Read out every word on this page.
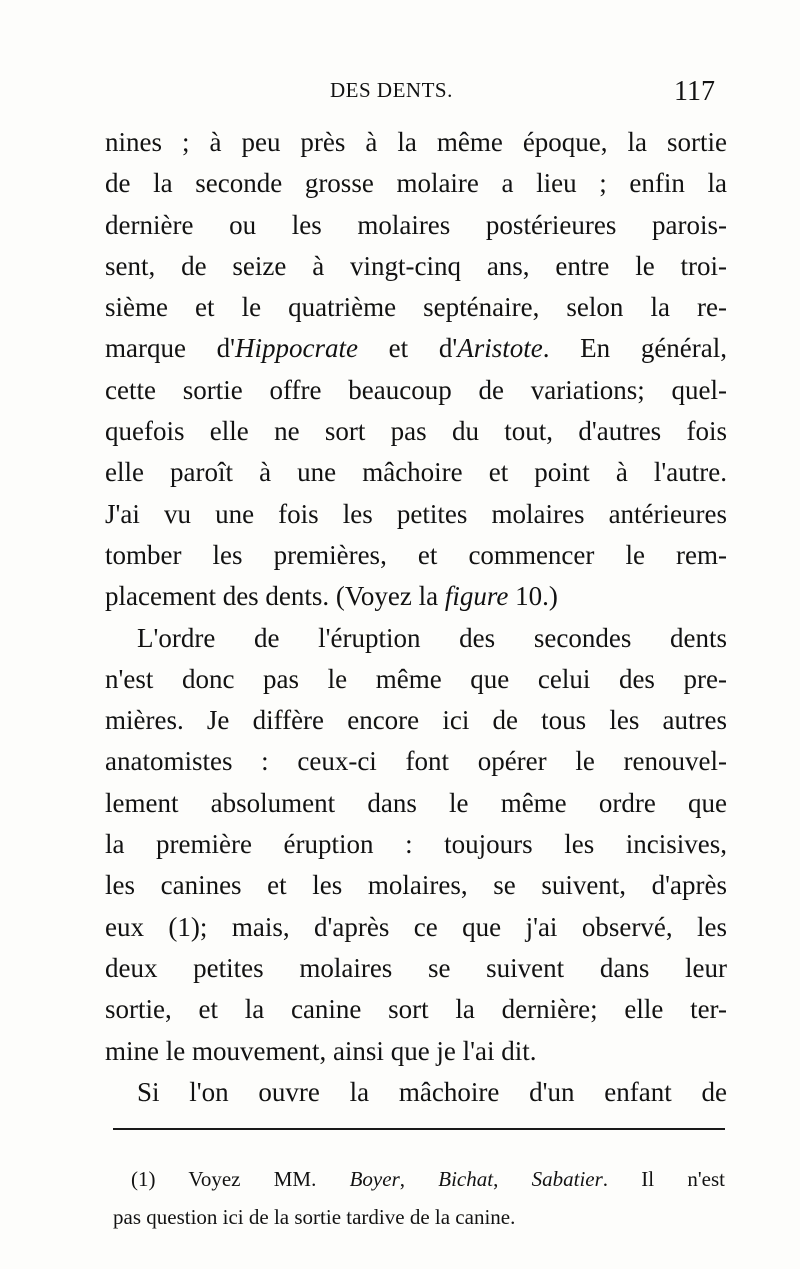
DES DENTS.	117
nines ; à peu près à la même époque, la sortie
de la seconde grosse molaire a lieu ; enfin la
dernière ou les molaires postérieures parois-
sent, de seize à vingt-cinq ans, entre le troi-
sième et le quatrième septénaire, selon la re-
marque d'Hippocrate et d'Aristote. En général,
cette sortie offre beaucoup de variations; quel-
quefois elle ne sort pas du tout, d'autres fois
elle paroît à une mâchoire et point à l'autre.
J'ai vu une fois les petites molaires antérieures
tomber les premières, et commencer le rem-
placement des dents. (Voyez la figure 10.)
L'ordre de l'éruption des secondes dents
n'est donc pas le même que celui des pre-
mières. Je diffère encore ici de tous les autres
anatomistes : ceux-ci font opérer le renouvel-
lement absolument dans le même ordre que
la première éruption : toujours les incisives,
les canines et les molaires, se suivent, d'après
eux (1); mais, d'après ce que j'ai observé, les
deux petites molaires se suivent dans leur
sortie, et la canine sort la dernière; elle ter-
mine le mouvement, ainsi que je l'ai dit.
Si l'on ouvre la mâchoire d'un enfant de
(1) Voyez MM. Boyer, Bichat, Sabatier. Il n'est
pas question ici de la sortie tardive de la canine.
